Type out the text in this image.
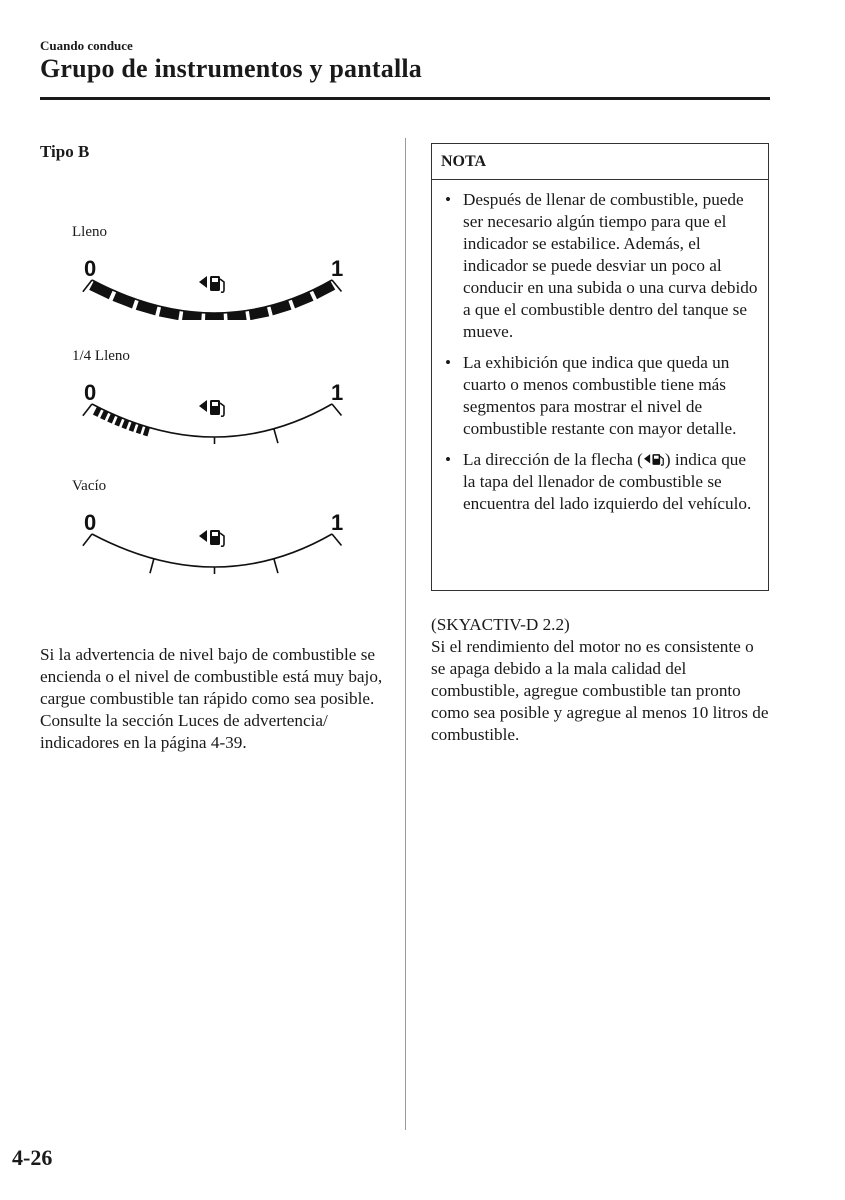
Cuando conduce
Grupo de instrumentos y pantalla
Tipo B
Lleno
0	1
1/4 Lleno
0	1
Vacío
0	1
Si la advertencia de nivel bajo de combustible se encienda o el nivel de combustible está muy bajo, cargue combustible tan rápido como sea posible. Consulte la sección Luces de advertencia/ indicadores en la página 4-39.
NOTA
• Después de llenar de combustible, puede ser necesario algún tiempo para que el indicador se estabilice. Además, el indicador se puede desviar un poco al conducir en una subida o una curva debido a que el combustible dentro del tanque se mueve.
• La exhibición que indica que queda un cuarto o menos combustible tiene más segmentos para mostrar el nivel de combustible restante con mayor detalle.
• La dirección de la flecha ( ) indica que la tapa del llenador de combustible se encuentra del lado izquierdo del vehículo.
(SKYACTIV-D 2.2)
Si el rendimiento del motor no es consistente o se apaga debido a la mala calidad del combustible, agregue combustible tan pronto como sea posible y agregue al menos 10 litros de combustible.
4-26
